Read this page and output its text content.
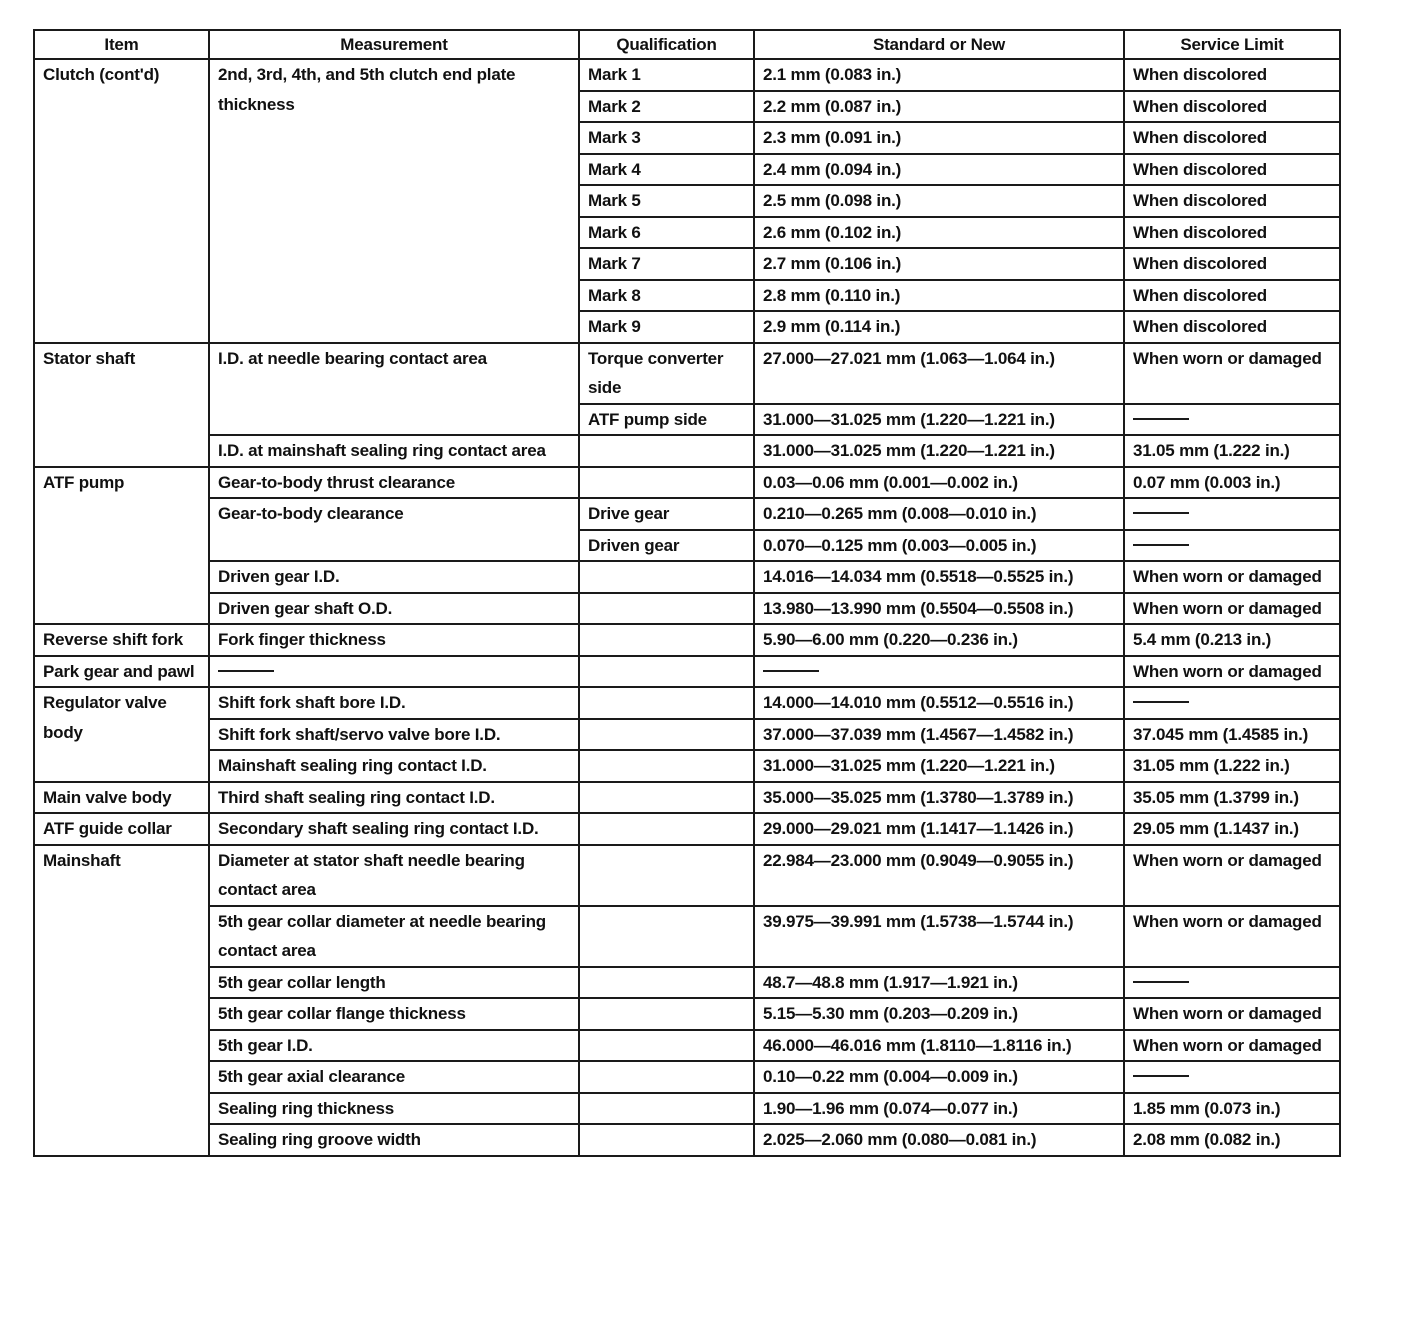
Item	Measurement	Qualification	Standard or New	Service Limit
Clutch (cont'd)	2nd, 3rd, 4th, and 5th clutch end plate thickness	Mark 1	2.1 mm (0.083 in.)	When discolored
		Mark 2	2.2 mm (0.087 in.)	When discolored
		Mark 3	2.3 mm (0.091 in.)	When discolored
		Mark 4	2.4 mm (0.094 in.)	When discolored
		Mark 5	2.5 mm (0.098 in.)	When discolored
		Mark 6	2.6 mm (0.102 in.)	When discolored
		Mark 7	2.7 mm (0.106 in.)	When discolored
		Mark 8	2.8 mm (0.110 in.)	When discolored
		Mark 9	2.9 mm (0.114 in.)	When discolored
Stator shaft	I.D. at needle bearing contact area	Torque converter side	27.000—27.021 mm (1.063—1.064 in.)	When worn or damaged
		ATF pump side	31.000—31.025 mm (1.220—1.221 in.)	
	I.D. at mainshaft sealing ring contact area		31.000—31.025 mm (1.220—1.221 in.)	31.05 mm (1.222 in.)
ATF pump	Gear-to-body thrust clearance		0.03—0.06 mm (0.001—0.002 in.)	0.07 mm (0.003 in.)
	Gear-to-body clearance	Drive gear	0.210—0.265 mm (0.008—0.010 in.)	
		Driven gear	0.070—0.125 mm (0.003—0.005 in.)	
	Driven gear I.D.		14.016—14.034 mm (0.5518—0.5525 in.)	When worn or damaged
	Driven gear shaft O.D.		13.980—13.990 mm (0.5504—0.5508 in.)	When worn or damaged
Reverse shift fork	Fork finger thickness		5.90—6.00 mm (0.220—0.236 in.)	5.4 mm (0.213 in.)
Park gear and pawl				When worn or damaged
Regulator valve body	Shift fork shaft bore I.D.		14.000—14.010 mm (0.5512—0.5516 in.)	
	Shift fork shaft/servo valve bore I.D.		37.000—37.039 mm (1.4567—1.4582 in.)	37.045 mm (1.4585 in.)
	Mainshaft sealing ring contact I.D.		31.000—31.025 mm (1.220—1.221 in.)	31.05 mm (1.222 in.)
Main valve body	Third shaft sealing ring contact I.D.		35.000—35.025 mm (1.3780—1.3789 in.)	35.05 mm (1.3799 in.)
ATF guide collar	Secondary shaft sealing ring contact I.D.		29.000—29.021 mm (1.1417—1.1426 in.)	29.05 mm (1.1437 in.)
Mainshaft	Diameter at stator shaft needle bearing contact area		22.984—23.000 mm (0.9049—0.9055 in.)	When worn or damaged
	5th gear collar diameter at needle bearing contact area		39.975—39.991 mm (1.5738—1.5744 in.)	When worn or damaged
	5th gear collar length		48.7—48.8 mm (1.917—1.921 in.)	
	5th gear collar flange thickness		5.15—5.30 mm (0.203—0.209 in.)	When worn or damaged
	5th gear I.D.		46.000—46.016 mm (1.8110—1.8116 in.)	When worn or damaged
	5th gear axial clearance		0.10—0.22 mm (0.004—0.009 in.)	
	Sealing ring thickness		1.90—1.96 mm (0.074—0.077 in.)	1.85 mm (0.073 in.)
	Sealing ring groove width		2.025—2.060 mm (0.080—0.081 in.)	2.08 mm (0.082 in.)
